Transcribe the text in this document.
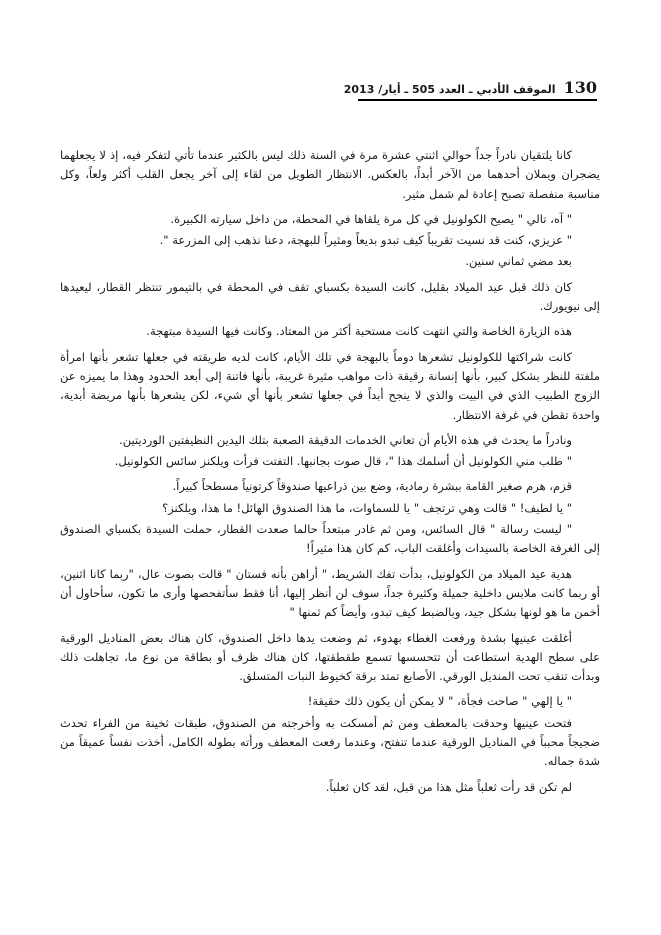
الموقف الأدبي ـ العدد 505 ـ أيار/ 2013 130

كانا يلتقيان نادراً جداً حوالي اثنتي عشرة مرة في السنة ذلك ليس بالكثير عندما تأتي لتفكر فيه، إذ لا يجعلهما يضجران ويملان أحدهما من الآخر أبداً، بالعكس. الانتظار الطويل من لقاء إلى آخر يجعل القلب أكثر ولعاً، وكل مناسبة منفصلة تصبح إعادة لم شمل مثير.

" آه، تالي " يصيح الكولونيل في كل مرة يلقاها في المحطة، من داخل سيارته الكبيرة.

" عزيزي، كنت قد نسيت تقريباً كيف تبدو بديعاً ومثيراً للبهجة، دعنا نذهب إلى المزرعة ".

بعد مضي ثماني سنين.

كان ذلك قبل عيد الميلاد بقليل، كانت السيدة بكسباي تقف في المحطة في بالتيمور تنتظر القطار، ليعيدها إلى نيويورك.

هذه الزيارة الخاصة والتي انتهت كانت مستحبة أكثر من المعتاد. وكانت فيها السيدة مبتهجة.

كانت شراكتها للكولونيل تشعرها دوماً بالبهجة في تلك الأيام، كانت لديه طريقته في جعلها تشعر بأنها امرأة ملفتة للنظر بشكل كبير، بأنها إنسانة رقيقة ذات مواهب مثيرة غريبة، بأنها فاتنة إلى أبعد الحدود وهذا ما يميزه عن الزوج الطبيب الذي في البيت والذي لا ينجح أبداً في جعلها تشعر بأنها أي شيء، لكن يشعرها بأنها مريضة أبدية، واحدة تقطن في غرفة الانتظار.

ونادراً ما يحدث في هذه الأيام أن تعاني الخدمات الدقيقة الصعبة بتلك اليدين النظيفتين الورديتين.

" طلب مني الكولونيل أن أسلمك هذا "، قال صوت بجانبها. التفتت فرأت ويلكنز سائس الكولونيل.

قزم، هرم صغير القامة ببشرة رمادية، وضع بين ذراعيها صندوقاً كرتونياً مسطحاً كبيراً.

" يا لطيف! " قالت وهي ترتجف " يا للسماوات، ما هذا الصندوق الهائل! ما هذا، ويلكنز؟

" ليست رسالة " قال السائس، ومن ثم غادر مبتعداً حالما صعدت القطار، حملت السيدة بكسباي الصندوق إلى الغرفة الخاصة بالسيدات وأغلقت الباب، كم كان هذا مثيراً!

هدية عيد الميلاد من الكولونيل، بدأت تفك الشريط، " أراهن بأنه فستان " قالت بصوت عال، "ربما كانا اثنين، أو ربما كانت ملابس داخلية جميلة وكثيرة جداً، سوف لن أنظر إليها، أنا فقط سأتفحصها وأرى ما تكون، سأحاول أن أخمن ما هو لونها بشكل جيد، وبالضبط كيف تبدو، وأيضاً كم ثمنها "

أغلقت عينيها بشدة ورفعت الغطاء بهدوء، ثم وضعت يدها داخل الصندوق، كان هناك بعض المناديل الورقية على سطح الهدية استطاعت أن تتحسسها تسمع طقطقتها، كان هناك ظرف أو بطاقة من نوع ما، تجاهلت ذلك وبدأت تنقب تحت المنديل الورقي. الأصابع تمتد برقة كخيوط النبات المتسلق.

" يا إلهي " صاحت فجأة، " لا يمكن أن يكون ذلك حقيقة!

فتحت عينيها وحدقت بالمعطف ومن ثم أمسكت به وأخرجته من الصندوق، طبقات ثخينة من الفراء تحدث ضجيجاً محبباً في المناديل الورقية عندما تنفتح، وعندما رفعت المعطف ورأته بطوله الكامل، أخذت نفساً عميقاً من شدة جماله.

لم تكن قد رأت ثعلباً مثل هذا من قبل، لقد كان ثعلباً.
